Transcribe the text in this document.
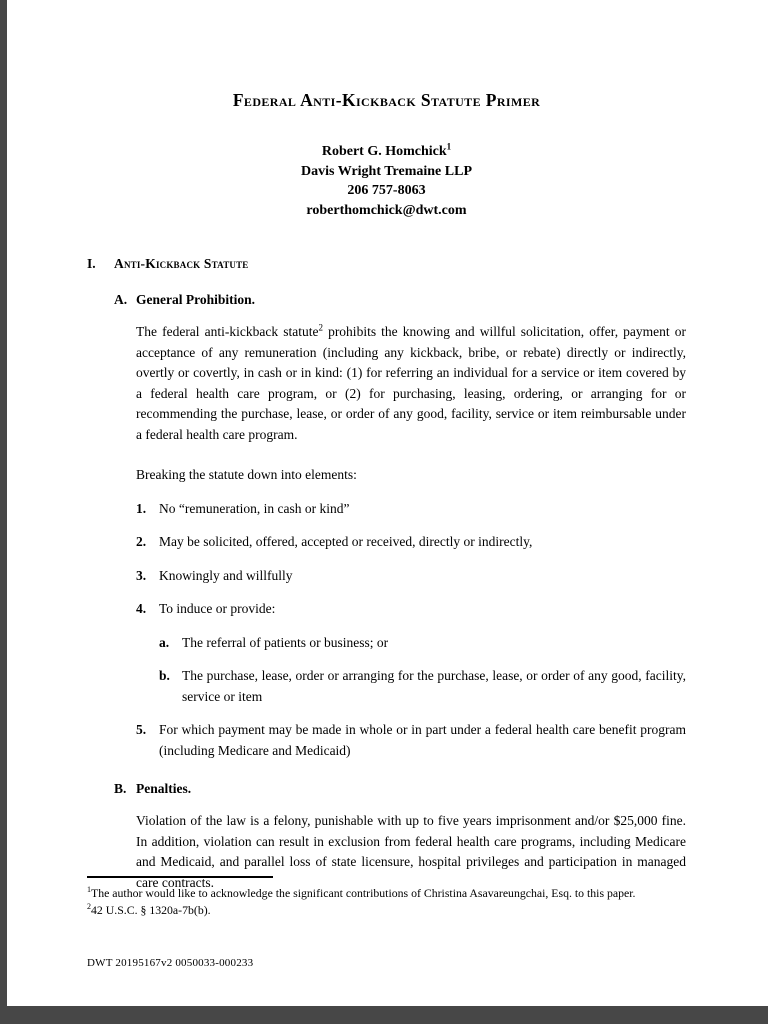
Federal Anti-Kickback Statute Primer
Robert G. Homchick$^1$
Davis Wright Tremaine LLP
206 757-8063
roberthomchick@dwt.com
I.	Anti-Kickback Statute
A. General Prohibition.

The federal anti-kickback statute$^2$ prohibits the knowing and willful solicitation, offer, payment or acceptance of any remuneration (including any kickback, bribe, or rebate) directly or indirectly, overtly or covertly, in cash or in kind: (1) for referring an individual for a service or item covered by a federal health care program, or (2) for purchasing, leasing, ordering, or arranging for or recommending the purchase, lease, or order of any good, facility, service or item reimbursable under a federal health care program.

Breaking the statute down into elements:

1. No “remuneration, in cash or kind”
2. May be solicited, offered, accepted or received, directly or indirectly,
3. Knowingly and willfully
4. To induce or provide:
a. The referral of patients or business; or
b. The purchase, lease, order or arranging for the purchase, lease, or order of any good, facility, service or item
5. For which payment may be made in whole or in part under a federal health care benefit program (including Medicare and Medicaid)
B. Penalties.

Violation of the law is a felony, punishable with up to five years imprisonment and/or $25,000 fine. In addition, violation can result in exclusion from federal health care programs, including Medicare and Medicaid, and parallel loss of state licensure, hospital privileges and participation in managed care contracts.

$^1$The author would like to acknowledge the significant contributions of Christina Asavareungchai, Esq. to this paper.
$^2$42 U.S.C. § 1320a-7b(b).
DWT 20195167v2 0050033-000233
